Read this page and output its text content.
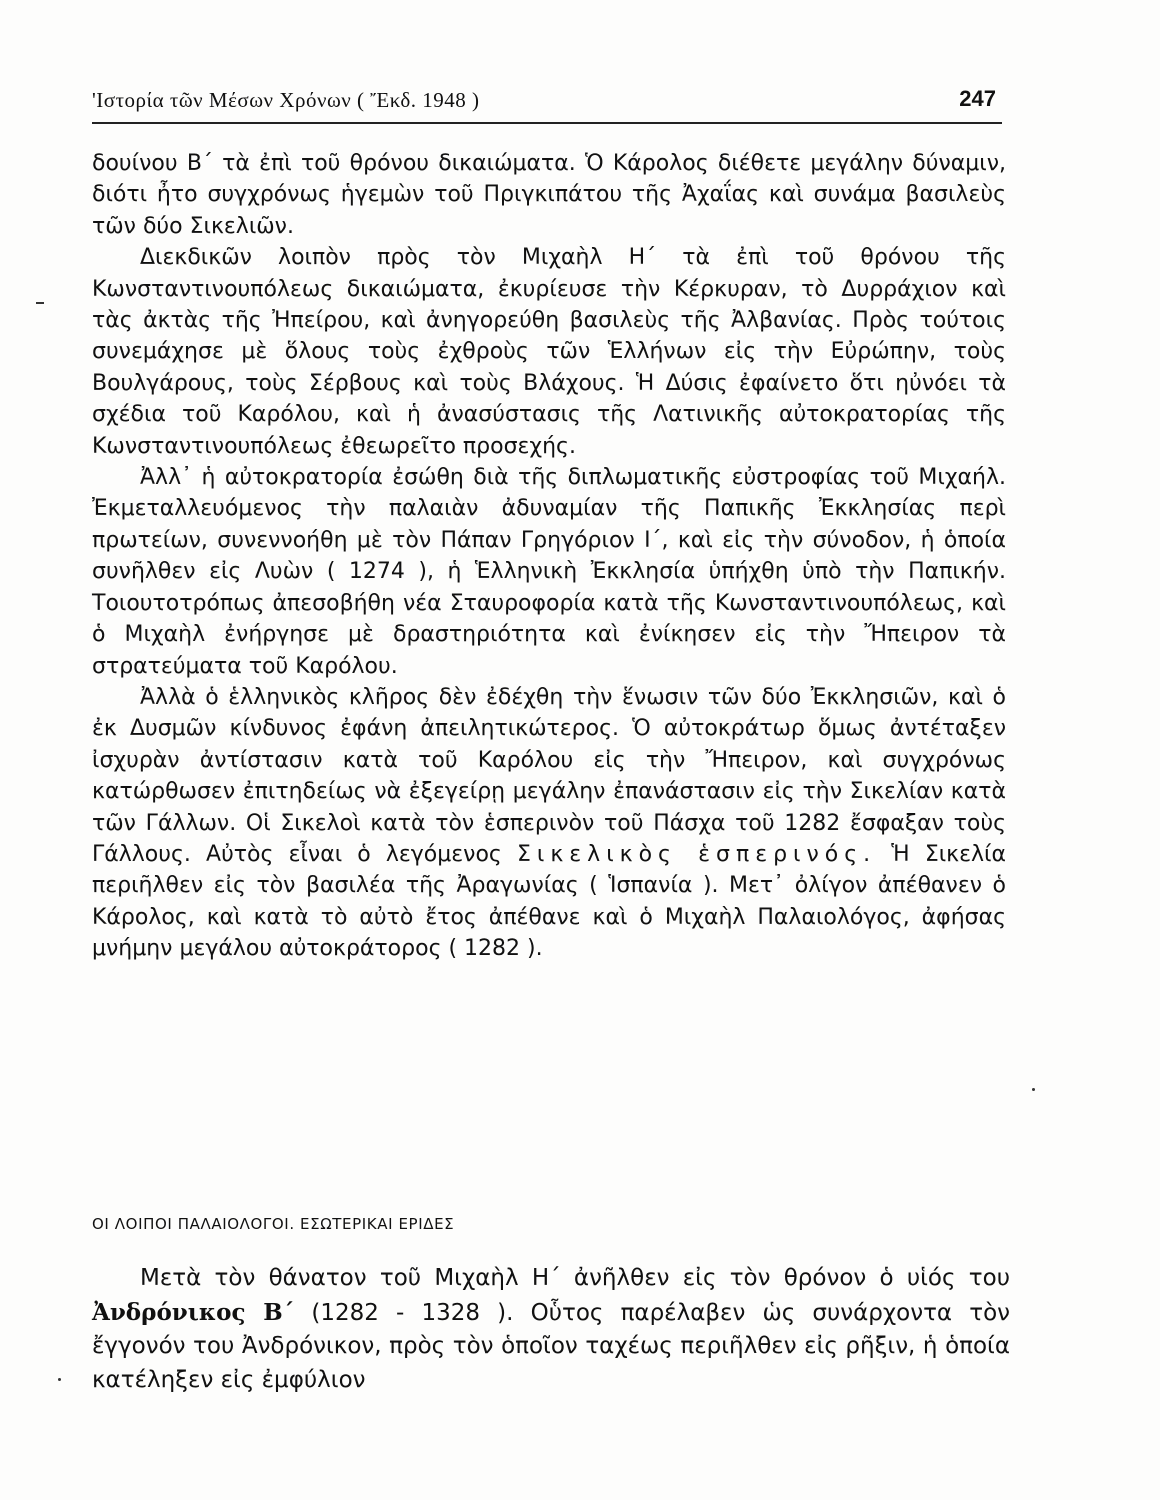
'Ιστορία τῶν Μέσων Χρόνων ( Ἔκδ. 1948 )	247

δουίνου Β΄ τὰ ἐπὶ τοῦ θρόνου δικαιώματα. Ὁ Κάρολος διέθετε μεγάλην δύναμιν, διότι ἦτο συγχρόνως ἡγεμὼν τοῦ Πριγκιπάτου τῆς Ἀχαΐας καὶ συνάμα βασιλεὺς τῶν δύο Σικελιῶν.

Διεκδικῶν λοιπὸν πρὸς τὸν Μιχαὴλ Η΄ τὰ ἐπὶ τοῦ θρόνου τῆς Κωνσταντινουπόλεως δικαιώματα, ἐκυρίευσε τὴν Κέρκυραν, τὸ Δυρράχιον καὶ τὰς ἀκτὰς τῆς Ἠπείρου, καὶ ἀνηγορεύθη βασιλεὺς τῆς Ἀλβανίας. Πρὸς τούτοις συνεμάχησε μὲ ὅλους τοὺς ἐχθροὺς τῶν Ἑλλήνων εἰς τὴν Εὐρώπην, τοὺς Βουλγάρους, τοὺς Σέρβους καὶ τοὺς Βλάχους. Ἡ Δύσις ἐφαίνετο ὅτι ηὐνόει τὰ σχέδια τοῦ Καρόλου, καὶ ἡ ἀνασύστασις τῆς Λατινικῆς αὐτοκρατορίας τῆς Κωνσταντινουπόλεως ἐθεωρεῖτο προσεχής.

Ἀλλ᾽ ἡ αὐτοκρατορία ἐσώθη διὰ τῆς διπλωματικῆς εὐστροφίας τοῦ Μιχαήλ. Ἐκμεταλλευόμενος τὴν παλαιὰν ἀδυναμίαν τῆς Παπικῆς Ἐκκλησίας περὶ πρωτείων, συνεννοήθη μὲ τὸν Πάπαν Γρηγόριον Ι΄, καὶ εἰς τὴν σύνοδον, ἡ ὁποία συνῆλθεν εἰς Λυὼν ( 1274 ), ἡ Ἑλληνικὴ Ἐκκλησία ὑπήχθη ὑπὸ τὴν Παπικήν. Τοιουτοτρόπως ἀπεσοβήθη νέα Σταυροφορία κατὰ τῆς Κωνσταντινουπόλεως, καὶ ὁ Μιχαὴλ ἐνήργησε μὲ δραστηριότητα καὶ ἐνίκησεν εἰς τὴν Ἤπειρον τὰ στρατεύματα τοῦ Καρόλου.

Ἀλλὰ ὁ ἑλληνικὸς κλῆρος δὲν ἐδέχθη τὴν ἕνωσιν τῶν δύο Ἐκκλησιῶν, καὶ ὁ ἐκ Δυσμῶν κίνδυνος ἐφάνη ἀπειλητικώτερος. Ὁ αὐτοκράτωρ ὅμως ἀντέταξεν ἰσχυρὰν ἀντίστασιν κατὰ τοῦ Καρόλου εἰς τὴν Ἤπειρον, καὶ συγχρόνως κατώρθωσεν ἐπιτηδείως νὰ ἐξεγείρῃ μεγάλην ἐπανάστασιν εἰς τὴν Σικελίαν κατὰ τῶν Γάλλων. Οἱ Σικελοὶ κατὰ τὸν ἑσπερινὸν τοῦ Πάσχα τοῦ 1282 ἔσφαξαν τοὺς Γάλλους. Αὐτὸς εἶναι ὁ λεγόμενος Σικελικὸς ἑσπερινός. Ἡ Σικελία περιῆλθεν εἰς τὸν βασιλέα τῆς Ἀραγωνίας ( Ἱσπανία ). Μετ᾽ ὀλίγον ἀπέθανεν ὁ Κάρολος, καὶ κατὰ τὸ αὐτὸ ἔτος ἀπέθανε καὶ ὁ Μιχαὴλ Παλαιολόγος, ἀφήσας μνήμην μεγάλου αὐτοκράτορος ( 1282 ).

ΟΙ ΛΟΙΠΟΙ ΠΑΛΑΙΟΛΟΓΟΙ. ΕΣΩΤΕΡΙΚΑΙ ΕΡΙΔΕΣ

Μετὰ τὸν θάνατον τοῦ Μιχαὴλ Η΄ ἀνῆλθεν εἰς τὸν θρόνον ὁ υἱός του Ἀνδρόνικος Β΄ (1282 - 1328 ). Οὗτος παρέλαβεν ὡς συνάρχοντα τὸν ἔγγονόν του Ἀνδρόνικον, πρὸς τὸν ὁποῖον ταχέως περιῆλθεν εἰς ρῆξιν, ἡ ὁποία κατέληξεν εἰς ἐμφύλιον
